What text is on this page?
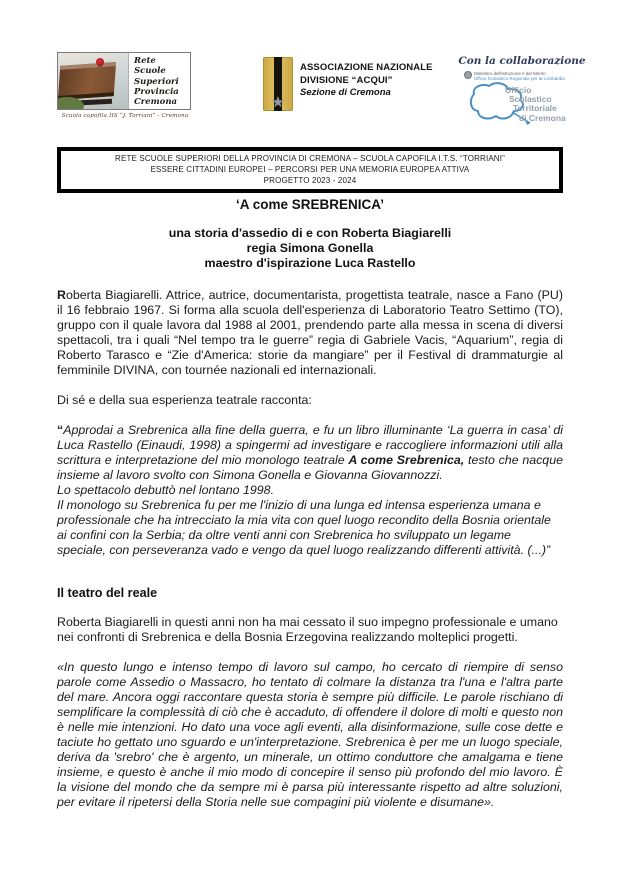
Rete
Scuole
Superiori
Provincia
Cremona
Scuola capofila IIS “J. Torriani” - Cremona
★
ASSOCIAZIONE NAZIONALE
DIVISIONE “ACQUI”
Sezione di Cremona
Con la collaborazione
Ministero dell'Istruzione e del Merito
Ufficio Scolastico Regionale per la Lombardia
Ufficio
Scolastico
Territoriale
di Cremona
RETE SCUOLE SUPERIORI DELLA PROVINCIA DI CREMONA – SCUOLA CAPOFILA I.T.S. “TORRIANI”
ESSERE CITTADINI EUROPEI – PERCORSI PER UNA MEMORIA EUROPEA ATTIVA
PROGETTO 2023 - 2024
‘A come SREBRENICA’
una storia d'assedio di e con Roberta Biagiarelli
regia Simona Gonella
maestro d'ispirazione Luca Rastello

Roberta Biagiarelli. Attrice, autrice, documentarista, progettista teatrale, nasce a Fano (PU) il 16 febbraio 1967. Si forma alla scuola dell'esperienza di Laboratorio Teatro Settimo (TO), gruppo con il quale lavora dal 1988 al 2001, prendendo parte alla messa in scena di diversi spettacoli, tra i quali “Nel tempo tra le guerre” regia di Gabriele Vacis, “Aquarium”, regia di Roberto Tarasco e “Zie d'America: storie da mangiare” per il Festival di drammaturgie al femminile DIVINA, con tournée nazionali ed internazionali.

Di sé e della sua esperienza teatrale racconta:

“Approdai a Srebrenica alla fine della guerra, e fu un libro illuminante ‘La guerra in casa’ di Luca Rastello (Einaudi, 1998) a spingermi ad investigare e raccogliere informazioni utili alla scrittura e interpretazione del mio monologo teatrale A come Srebrenica, testo che nacque insieme al lavoro svolto con Simona Gonella e Giovanna Giovannozzi.

Lo spettacolo debuttò nel lontano 1998.

Il monologo su Srebrenica fu per me l'inizio di una lunga ed intensa esperienza umana e professionale che ha intrecciato la mia vita con quel luogo recondito della Bosnia orientale ai confini con la Serbia; da oltre venti anni con Srebrenica ho sviluppato un legame speciale, con perseveranza vado e vengo da quel luogo realizzando differenti attività. (...)”

Il teatro del reale

Roberta Biagiarelli in questi anni non ha mai cessato il suo impegno professionale e umano nei confronti di Srebrenica e della Bosnia Erzegovina realizzando molteplici progetti.

«In questo lungo e intenso tempo di lavoro sul campo, ho cercato di riempire di senso parole come Assedio o Massacro, ho tentato di colmare la distanza tra l'una e l'altra parte del mare. Ancora oggi raccontare questa storia è sempre più difficile. Le parole rischiano di semplificare la complessità di ciò che è accaduto, di offendere il dolore di molti e questo non è nelle mie intenzioni. Ho dato una voce agli eventi, alla disinformazione, sulle cose dette e taciute ho gettato uno sguardo e un'interpretazione. Srebrenica è per me un luogo speciale, deriva da 'srebro' che è argento, un minerale, un ottimo conduttore che amalgama e tiene insieme, e questo è anche il mio modo di concepire il senso più profondo del mio lavoro. È la visione del mondo che da sempre mi è parsa più interessante rispetto ad altre soluzioni, per evitare il ripetersi della Storia nelle sue compagini più violente e disumane».
